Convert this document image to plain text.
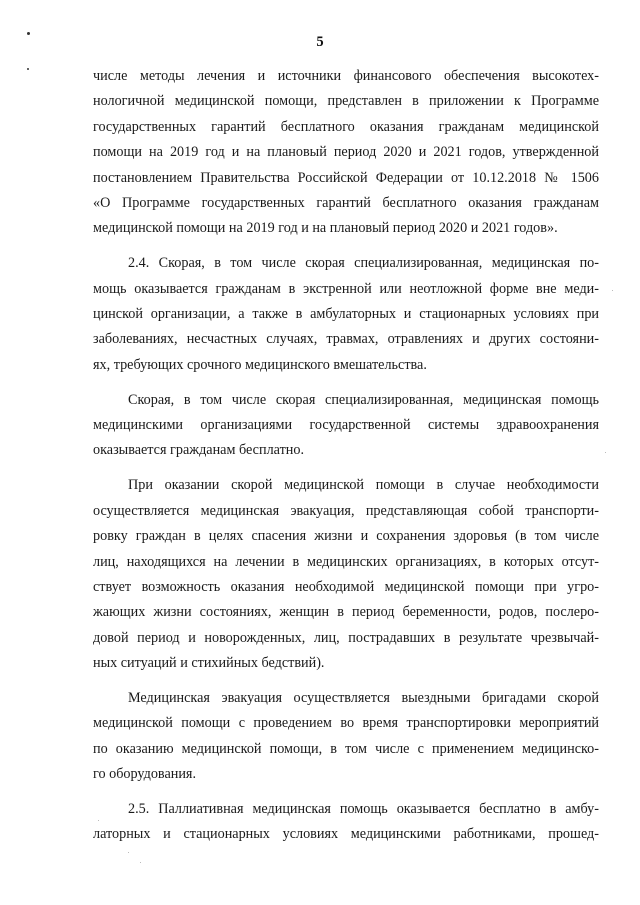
5
числе методы лечения и источники финансового обеспечения высокотех-
нологичной медицинской помощи, представлен в приложении к Программе
государственных гарантий бесплатного оказания гражданам медицинской
помощи на 2019 год и на плановый период 2020 и 2021 годов, утвержденной
постановлением Правительства Российской Федерации от 10.12.2018 № 1506
«О Программе государственных гарантий бесплатного оказания гражданам
медицинской помощи на 2019 год и на плановый период 2020 и 2021 годов».
2.4. Скорая, в том числе скорая специализированная, медицинская по-
мощь оказывается гражданам в экстренной или неотложной форме вне меди-
цинской организации, а также в амбулаторных и стационарных условиях при
заболеваниях, несчастных случаях, травмах, отравлениях и других состояни-
ях, требующих срочного медицинского вмешательства.
Скорая, в том числе скорая специализированная, медицинская помощь
медицинскими организациями государственной системы здравоохранения
оказывается гражданам бесплатно.
При оказании скорой медицинской помощи в случае необходимости
осуществляется медицинская эвакуация, представляющая собой транспорти-
ровку граждан в целях спасения жизни и сохранения здоровья (в том числе
лиц, находящихся на лечении в медицинских организациях, в которых отсут-
ствует возможность оказания необходимой медицинской помощи при угро-
жающих жизни состояниях, женщин в период беременности, родов, послеро-
довой период и новорожденных, лиц, пострадавших в результате чрезвычай-
ных ситуаций и стихийных бедствий).
Медицинская эвакуация осуществляется выездными бригадами скорой
медицинской помощи с проведением во время транспортировки мероприятий
по оказанию медицинской помощи, в том числе с применением медицинско-
го оборудования.
2.5. Паллиативная медицинская помощь оказывается бесплатно в амбу-
латорных и стационарных условиях медицинскими работниками, прошед-
